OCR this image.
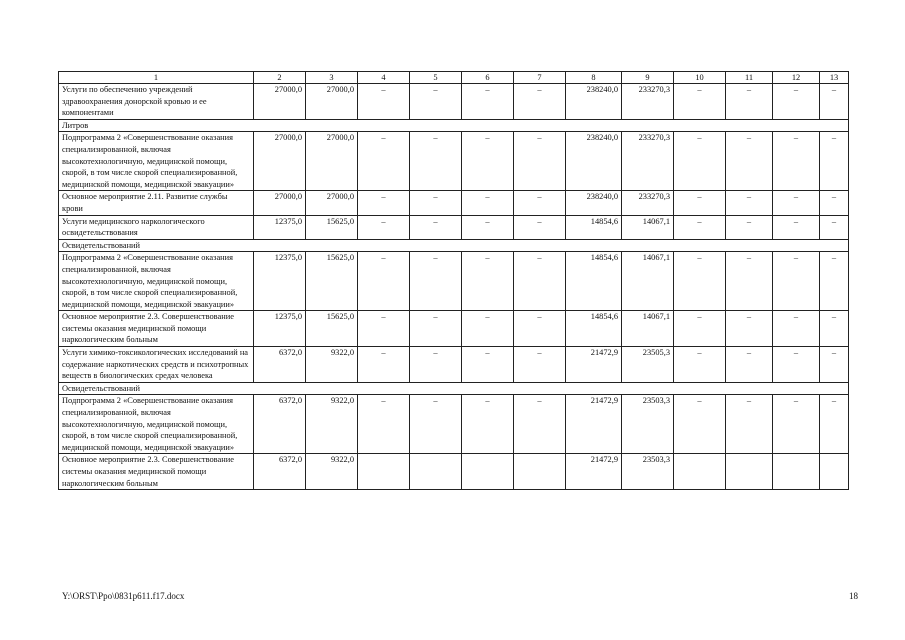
1	2	3	4	5	6	7	8	9	10	11	12	13
Услуги по обеспечению учреждений здравоохранения донорской кровью и ее компонентами	27000,0	27000,0	–	–	–	–	238240,0	233270,3	–	–	–	–
Литров												
Подпрограмма 2 «Совершенствование оказания специализированной, включая высокотехнологичную, медицинской помощи, скорой, в том числе скорой специализированной, медицинской помощи, медицинской эвакуации»	27000,0	27000,0	–	–	–	–	238240,0	233270,3	–	–	–	–
Основное мероприятие 2.11. Развитие службы крови	27000,0	27000,0	–	–	–	–	238240,0	233270,3	–	–	–	–
Услуги медицинского наркологического освидетельствования	12375,0	15625,0	–	–	–	–	14854,6	14067,1	–	–	–	–
Освидетельствований												
Подпрограмма 2 «Совершенствование оказания специализированной, включая высокотехнологичную, медицинской помощи, скорой, в том числе скорой специализированной, медицинской помощи, медицинской эвакуации»	12375,0	15625,0	–	–	–	–	14854,6	14067,1	–	–	–	–
Основное мероприятие 2.3. Совершенствование системы оказания медицинской помощи наркологическим больным	12375,0	15625,0	–	–	–	–	14854,6	14067,1	–	–	–	–
Услуги химико-токсикологических исследований на содержание наркотических средств и психотропных веществ в биологических средах человека	6372,0	9322,0	–	–	–	–	21472,9	23505,3	–	–	–	–
Освидетельствований												
Подпрограмма 2 «Совершенствование оказания специализированной, включая высокотехнологичную, медицинской помощи, скорой, в том числе скорой специализированной, медицинской помощи, медицинской эвакуации»	6372,0	9322,0	–	–	–	–	21472,9	23503,3	–	–	–	–
Основное мероприятие 2.3. Совершенствование системы оказания медицинской помощи наркологическим больным	6372,0	9322,0					21472,9	23503,3				
Y:\ORST\Ppo\0831p611.f17.docx	18
